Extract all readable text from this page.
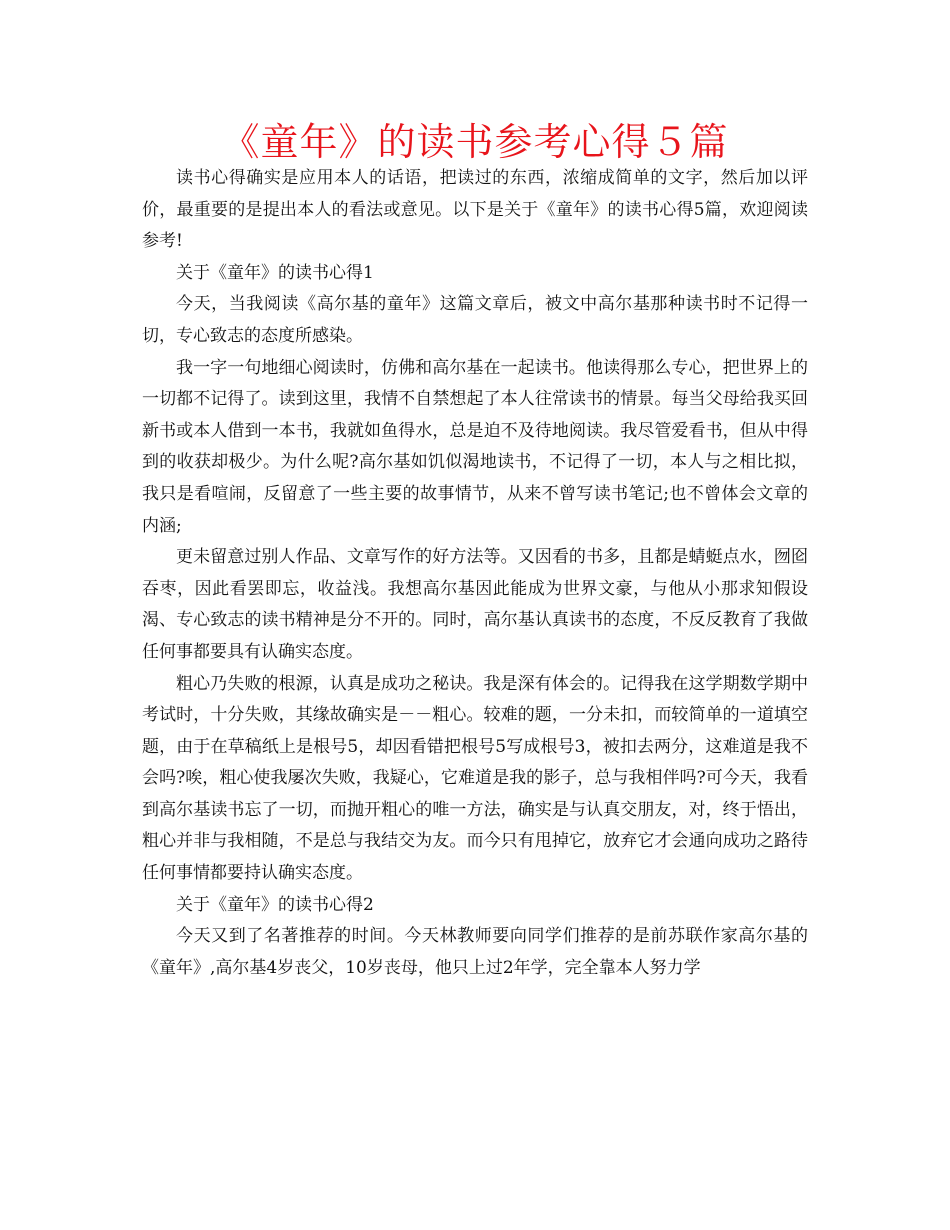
《童年》的读书参考心得５篇

读书心得确实是应用本人的话语，把读过的东西，浓缩成简单的文字，然后加以评价，最重要的是提出本人的看法或意见。以下是关于《童年》的读书心得5篇，欢迎阅读参考!

关于《童年》的读书心得1

今天，当我阅读《高尔基的童年》这篇文章后，被文中高尔基那种读书时不记得一切，专心致志的态度所感染。

我一字一句地细心阅读时，仿佛和高尔基在一起读书。他读得那么专心，把世界上的一切都不记得了。读到这里，我情不自禁想起了本人往常读书的情景。每当父母给我买回新书或本人借到一本书，我就如鱼得水，总是迫不及待地阅读。我尽管爱看书，但从中得到的收获却极少。为什么呢?高尔基如饥似渴地读书，不记得了一切，本人与之相比拟，我只是看喧闹，反留意了一些主要的故事情节，从来不曾写读书笔记;也不曾体会文章的内涵;

更未留意过别人作品、文章写作的好方法等。又因看的书多，且都是蜻蜓点水，囫囵吞枣，因此看罢即忘，收益浅。我想高尔基因此能成为世界文豪，与他从小那求知假设渴、专心致志的读书精神是分不开的。同时，高尔基认真读书的态度，不反反教育了我做任何事都要具有认确实态度。

粗心乃失败的根源，认真是成功之秘诀。我是深有体会的。记得我在这学期数学期中考试时，十分失败，其缘故确实是－－粗心。较难的题，一分未扣，而较简单的一道填空题，由于在草稿纸上是根号5，却因看错把根号5写成根号3，被扣去两分，这难道是我不会吗?唉，粗心使我屡次失败，我疑心，它难道是我的影子，总与我相伴吗?可今天，我看到高尔基读书忘了一切，而抛开粗心的唯一方法，确实是与认真交朋友，对，终于悟出，粗心并非与我相随，不是总与我结交为友。而今只有甩掉它，放弃它才会通向成功之路待任何事情都要持认确实态度。

关于《童年》的读书心得2

今天又到了名著推荐的时间。今天林教师要向同学们推荐的是前苏联作家高尔基的《童年》,高尔基4岁丧父，10岁丧母，他只上过2年学，完全靠本人努力学
